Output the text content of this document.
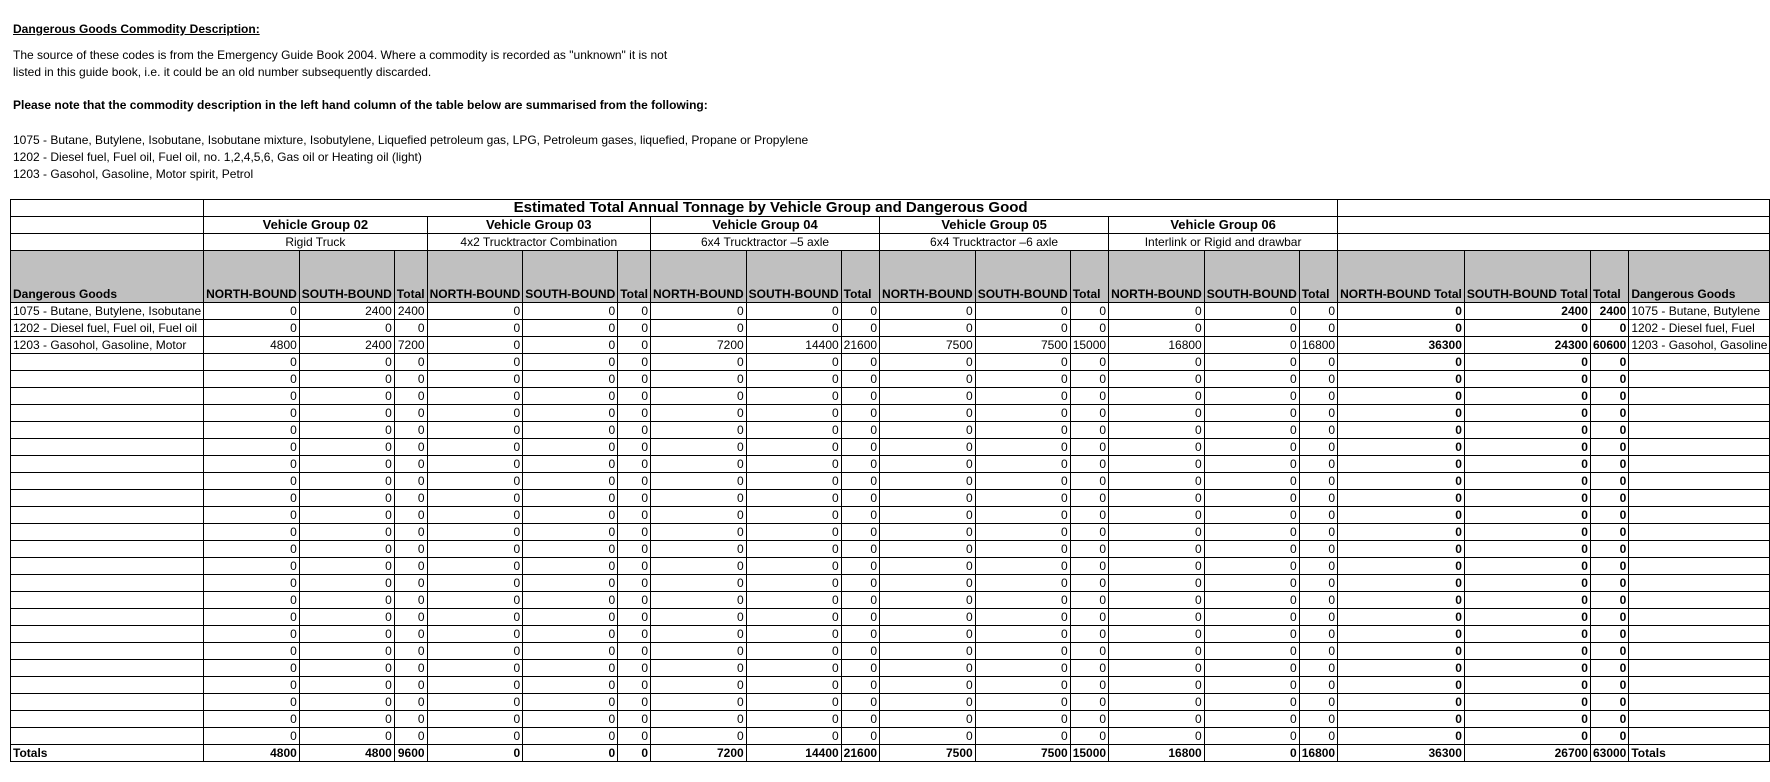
Dangerous Goods Commodity Description:
The source of these codes is from the Emergency Guide Book 2004. Where a commodity is recorded as "unknown" it is not
listed in this guide book, i.e. it could be an old number subsequently discarded.
Please note that the commodity description in the left hand column of the table below are summarised from the following:
1075 - Butane, Butylene, Isobutane, Isobutane mixture, Isobutylene, Liquefied petroleum gas, LPG, Petroleum gases, liquefied, Propane or Propylene
1202 - Diesel fuel, Fuel oil, Fuel oil, no. 1,2,4,5,6, Gas oil or Heating oil (light)
1203 - Gasohol, Gasoline, Motor spirit, Petrol
	Estimated Total Annual Tonnage by Vehicle Group and Dangerous Good																		
	Vehicle Group 02			Vehicle Group 03			Vehicle Group 04			Vehicle Group 05			Vehicle Group 06						
	Rigid Truck			4x2 Trucktractor Combination			6x4 Trucktractor –5 axle			6x4 Trucktractor –6 axle			Interlink or Rigid and drawbar						
Dangerous Goods	NORTH-BOUND	SOUTH-BOUND	Total	NORTH-BOUND	SOUTH-BOUND	Total	NORTH-BOUND	SOUTH-BOUND	Total	NORTH-BOUND	SOUTH-BOUND	Total	NORTH-BOUND	SOUTH-BOUND	Total	NORTH-BOUND Total	SOUTH-BOUND Total	Total	Dangerous Goods
1075 - Butane, Butylene, Isobutane	0	2400	2400	0	0	0	0	0	0	0	0	0	0	0	0	0	2400	2400	1075 - Butane, Butylene
1202 - Diesel fuel, Fuel oil, Fuel oil	0	0	0	0	0	0	0	0	0	0	0	0	0	0	0	0	0	0	1202 - Diesel fuel, Fuel
1203 - Gasohol, Gasoline, Motor	4800	2400	7200	0	0	0	7200	14400	21600	7500	7500	15000	16800	0	16800	36300	24300	60600	1203 - Gasohol, Gasoline
	0	0	0	0	0	0	0	0	0	0	0	0	0	0	0	0	0	0	
	0	0	0	0	0	0	0	0	0	0	0	0	0	0	0	0	0	0	
	0	0	0	0	0	0	0	0	0	0	0	0	0	0	0	0	0	0	
	0	0	0	0	0	0	0	0	0	0	0	0	0	0	0	0	0	0	
	0	0	0	0	0	0	0	0	0	0	0	0	0	0	0	0	0	0	
	0	0	0	0	0	0	0	0	0	0	0	0	0	0	0	0	0	0	
	0	0	0	0	0	0	0	0	0	0	0	0	0	0	0	0	0	0	
	0	0	0	0	0	0	0	0	0	0	0	0	0	0	0	0	0	0	
	0	0	0	0	0	0	0	0	0	0	0	0	0	0	0	0	0	0	
	0	0	0	0	0	0	0	0	0	0	0	0	0	0	0	0	0	0	
	0	0	0	0	0	0	0	0	0	0	0	0	0	0	0	0	0	0	
	0	0	0	0	0	0	0	0	0	0	0	0	0	0	0	0	0	0	
	0	0	0	0	0	0	0	0	0	0	0	0	0	0	0	0	0	0	
	0	0	0	0	0	0	0	0	0	0	0	0	0	0	0	0	0	0	
	0	0	0	0	0	0	0	0	0	0	0	0	0	0	0	0	0	0	
	0	0	0	0	0	0	0	0	0	0	0	0	0	0	0	0	0	0	
	0	0	0	0	0	0	0	0	0	0	0	0	0	0	0	0	0	0	
	0	0	0	0	0	0	0	0	0	0	0	0	0	0	0	0	0	0	
	0	0	0	0	0	0	0	0	0	0	0	0	0	0	0	0	0	0	
	0	0	0	0	0	0	0	0	0	0	0	0	0	0	0	0	0	0	
	0	0	0	0	0	0	0	0	0	0	0	0	0	0	0	0	0	0	
	0	0	0	0	0	0	0	0	0	0	0	0	0	0	0	0	0	0	
	0	0	0	0	0	0	0	0	0	0	0	0	0	0	0	0	0	0	
Totals	4800	4800	9600	0	0	0	7200	14400	21600	7500	7500	15000	16800	0	16800	36300	26700	63000	Totals
